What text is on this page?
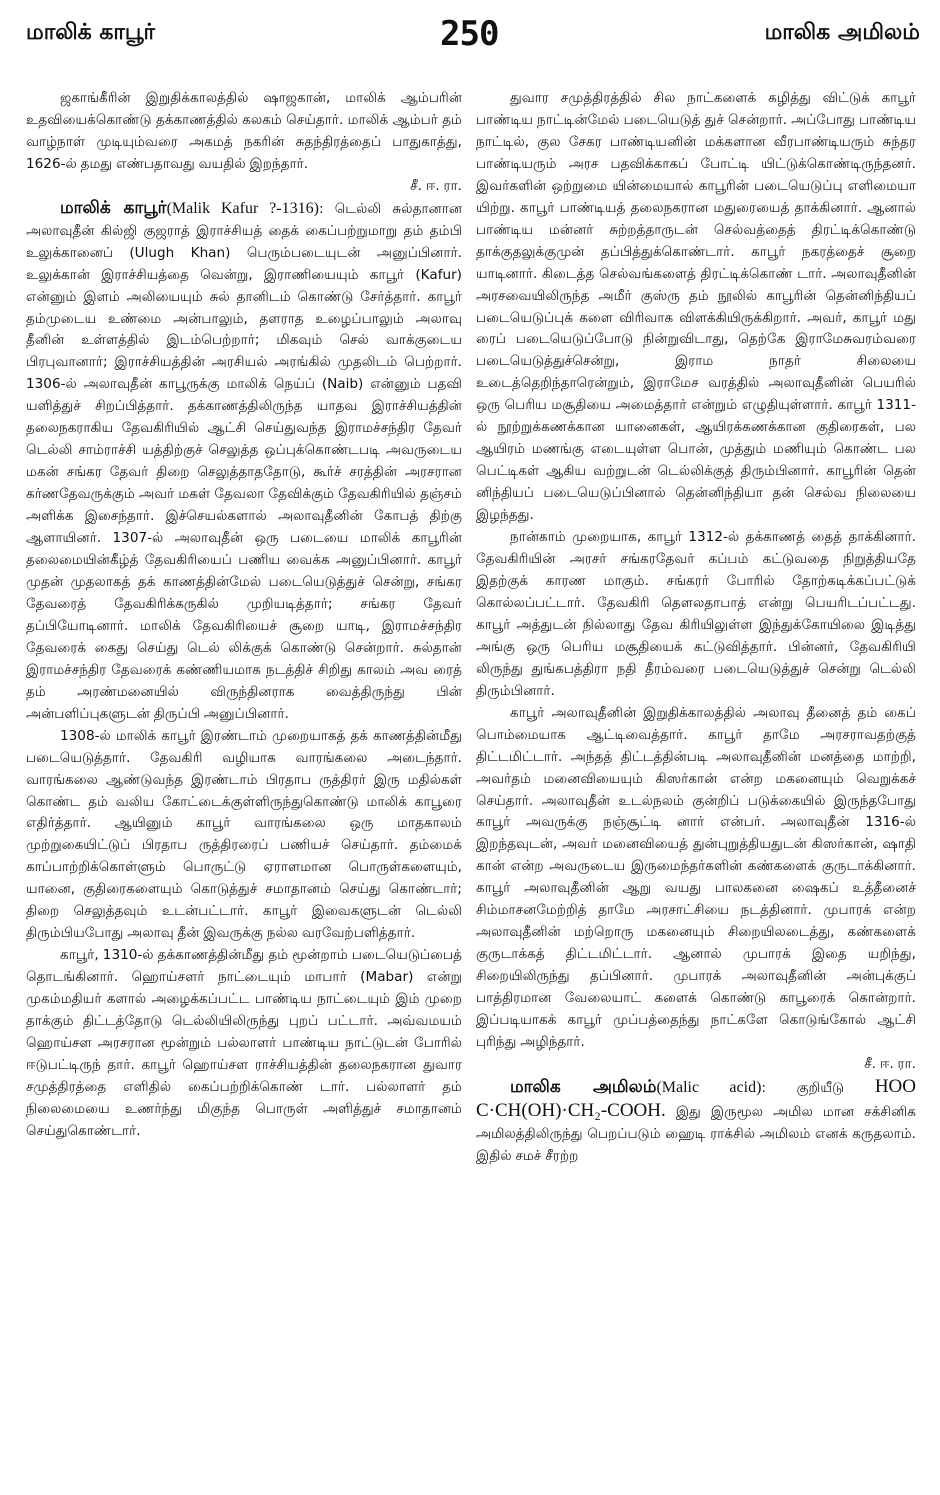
மாலிக் காபூர்	250	மாலிக அமிலம்

ஜகாங்கீரின் இறுதிக்காலத்தில் ஷாஜகான், மாலிக் ஆம்பரின் உதவியைக்கொண்டு தக்காணத்தில் கலகம் செய்தார். மாலிக் ஆம்பர் தம் வாழ்நாள் முடியும்வரை அகமத் நகரின் சுதந்திரத்தைப் பாதுகாத்து, 1626-ல் தமது எண்பதாவது வயதில் இறந்தார்.

சீ. ஈ. ரா.

மாலிக் காபூர்(Malik Kafur ?-1316): டெல்லி சுல்தானான அலாவுதீன் கில்ஜி குஜராத் இராச்சியத் தைக் கைப்பற்றுமாறு தம் தம்பி உலுக்கானைப் (Ulugh Khan) பெரும்படையுடன் அனுப்பினார். உலுக்கான் இராச்சியத்தை வென்று, இராணியையும் காபூர் (Kafur) என்னும் இளம் அலியையும் சுல் தானிடம் கொண்டு சேர்த்தார். காபூர் தம்முடைய உண்மை அன்பாலும், தளராத உழைப்பாலும் அலாவு தீனின் உள்ளத்தில் இடம்பெற்றார்; மிகவும் செல் வாக்குடைய பிரபுவானார்; இராச்சியத்தின் அரசியல் அரங்கில் முதலிடம் பெற்றார். 1306-ல் அலாவுதீன் காபூருக்கு மாலிக் நெய்ப் (Naib) என்னும் பதவி யளித்துச் சிறப்பித்தார். தக்காணத்திலிருந்த யாதவ இராச்சியத்தின் தலைநகராகிய தேவகிரியில் ஆட்சி செய்துவந்த இராமச்சந்திர தேவர் டெல்லி சாம்ராச்சி யத்திற்குச் செலுத்த ஒப்புக்கொண்டபடி அவருடைய மகன் சங்கர தேவர் திறை செலுத்தாததோடு, கூர்ச் சரத்தின் அரசரான கர்ணதேவருக்கும் அவர் மகள் தேவலா தேவிக்கும் தேவகிரியில் தஞ்சம் அளிக்க இசைந்தார். இச்செயல்களால் அலாவுதீனின் கோபத் திற்கு ஆளாயினர். 1307-ல் அலாவுதீன் ஒரு படையை மாலிக் காபூரின் தலைமையின்கீழ்த் தேவகிரியைப் பணிய வைக்க அனுப்பினார். காபூர் முதன் முதலாகத் தக் காணத்தின்மேல் படையெடுத்துச் சென்று, சங்கர தேவரைத் தேவகிரிக்கருகில் முறியடித்தார்; சங்கர தேவர் தப்பியோடினார். மாலிக் தேவகிரியைச் சூறை யாடி, இராமச்சந்திர தேவரைக் கைது செய்து டெல் லிக்குக் கொண்டு சென்றார். சுல்தான் இராமச்சந்திர தேவரைக் கண்ணியமாக நடத்திச் சிறிது காலம் அவ ரைத் தம் அரண்மனையில் விருந்தினராக வைத்திருந்து பின் அன்பளிப்புகளுடன் திருப்பி அனுப்பினார்.

1308-ல் மாலிக் காபூர் இரண்டாம் முறையாகத் தக் காணத்தின்மீது படையெடுத்தார். தேவகிரி வழியாக வாரங்கலை அடைந்தார். வாரங்கலை ஆண்டுவந்த இரண்டாம் பிரதாப ருத்திரர் இரு மதில்கள் கொண்ட தம் வலிய கோட்டைக்குள்ளிருந்துகொண்டு மாலிக் காபூரை எதிர்த்தார். ஆயினும் காபூர் வாரங்கலை ஒரு மாதகாலம் முற்றுகையிட்டுப் பிரதாப ருத்திரரைப் பணியச் செய்தார். தம்மைக் காப்பாற்றிக்கொள்ளும் பொருட்டு ஏராளமான பொருள்களையும், யானை, குதிரைகளையும் கொடுத்துச் சமாதானம் செய்து கொண்டார்; திறை செலுத்தவும் உடன்பட்டார். காபூர் இவைகளுடன் டெல்லி திரும்பியபோது அலாவு தீன் இவருக்கு நல்ல வரவேற்பளித்தார்.

காபூர், 1310-ல் தக்காணத்தின்மீது தம் மூன்றாம் படையெடுப்பைத் தொடங்கினார். ஹொய்சளர் நாட்டையும் மாபார் (Mabar) என்று முகம்மதியர் களால் அழைக்கப்பட்ட பாண்டிய நாட்டையும் இம் முறை தாக்கும் திட்டத்தோடு டெல்லியிலிருந்து புறப் பட்டார். அவ்வமயம் ஹொய்சள அரசரான மூன்றும் பல்லாளர் பாண்டிய நாட்டுடன் போரில் ஈடுபட்டிருந் தார். காபூர் ஹொய்சள ராச்சியத்தின் தலைநகரான துவார சமுத்திரத்தை எளிதில் கைப்பற்றிக்கொண் டார். பல்லாளர் தம் நிலைமையை உணர்ந்து மிகுந்த பொருள் அளித்துச் சமாதானம் செய்துகொண்டார்.

துவார சமுத்திரத்தில் சில நாட்களைக் கழித்து விட்டுக் காபூர் பாண்டிய நாட்டின்மேல் படையெடுத் துச் சென்றார். அப்போது பாண்டிய நாட்டில், குல சேகர பாண்டியனின் மக்களான வீரபாண்டியரும் சுந்தர பாண்டியரும் அரச பதவிக்காகப் போட்டி யிட்டுக்கொண்டிருந்தனர். இவர்களின் ஒற்றுமை யின்மையால் காபூரின் படையெடுப்பு எளிமையா யிற்று. காபூர் பாண்டியத் தலைநகரான மதுரையைத் தாக்கினார். ஆனால் பாண்டிய மன்னர் சுற்றத்தாருடன் செல்வத்தைத் திரட்டிக்கொண்டு தாக்குதலுக்குமுன் தப்பித்துக்கொண்டார். காபூர் நகரத்தைச் சூறை யாடினார். கிடைத்த செல்வங்களைத் திரட்டிக்கொண் டார். அலாவுதீனின் அரசவையிலிருந்த அமீர் குஸ்ரு தம் நூலில் காபூரின் தென்னிந்தியப் படையெடுப்புக் களை விரிவாக விளக்கியிருக்கிறார். அவர், காபூர் மது ரைப் படையெடுப்போடு நின்றுவிடாது, தெற்கே இராமேசுவரம்வரை படையெடுத்துச்சென்று, இராம நாதர் சிலையை உடைத்தெறிந்தாரென்றும், இராமேச வரத்தில் அலாவுதீனின் பெயரில் ஒரு பெரிய மசூதியை அமைத்தார் என்றும் எழுதியுள்ளார். காபூர் 1311-ல் நூற்றுக்கணக்கான யானைகள், ஆயிரக்கணக்கான குதிரைகள், பல ஆயிரம் மணங்கு எடையுள்ள பொன், முத்தும் மணியும் கொண்ட பல பெட்டிகள் ஆகிய வற்றுடன் டெல்லிக்குத் திரும்பினார். காபூரின் தென் னிந்தியப் படையெடுப்பினால் தென்னிந்தியா தன் செல்வ நிலையை இழந்தது.

நான்காம் முறையாக, காபூர் 1312-ல் தக்காணத் தைத் தாக்கினார். தேவகிரியின் அரசர் சங்கரதேவர் கப்பம் கட்டுவதை நிறுத்தியதே இதற்குக் காரண மாகும். சங்கரர் போரில் தோற்கடிக்கப்பட்டுக் கொல்லப்பட்டார். தேவகிரி தௌலதாபாத் என்று பெயரிடப்பட்டது. காபூர் அத்துடன் நில்லாது தேவ கிரியிலுள்ள இந்துக்கோயிலை இடித்து அங்கு ஒரு பெரிய மசூதியைக் கட்டுவித்தார். பின்னர், தேவகிரியி லிருந்து துங்கபத்திரா நதி தீரம்வரை படையெடுத்துச் சென்று டெல்லி திரும்பினார்.

காபூர் அலாவுதீனின் இறுதிக்காலத்தில் அலாவு தீனைத் தம் கைப் பொம்மையாக ஆட்டிவைத்தார். காபூர் தாமே அரசராவதற்குத் திட்டமிட்டார். அந்தத் திட்டத்தின்படி அலாவுதீனின் மனத்தை மாற்றி, அவர்தம் மனைவியையும் கிஸர்கான் என்ற மகனையும் வெறுக்கச் செய்தார். அலாவுதீன் உடல்நலம் குன்றிப் படுக்கையில் இருந்தபோது காபூர் அவருக்கு நஞ்சூட்டி னார் என்பர். அலாவுதீன் 1316-ல் இறந்தவுடன், அவர் மனைவியைத் துன்புறுத்தியதுடன் கிஸர்கான், ஷாதி கான் என்ற அவருடைய இருமைந்தர்களின் கண்களைக் குருடாக்கினார். காபூர் அலாவுதீனின் ஆறு வயது பாலகனை ஷைகப் உத்தீனைச் சிம்மாசனமேற்றித் தாமே அரசாட்சியை நடத்தினார். முபாரக் என்ற அலாவுதீனின் மற்றொரு மகனையும் சிறையிலடைத்து, கண்களைக் குருடாக்கத் திட்டமிட்டார். ஆனால் முபாரக் இதை யறிந்து, சிறையிலிருந்து தப்பினார். முபாரக் அலாவுதீனின் அன்புக்குப் பாத்திரமான வேலையாட் களைக் கொண்டு காபூரைக் கொன்றார். இப்படியாகக் காபூர் முப்பத்தைந்து நாட்களே கொடுங்கோல் ஆட்சி புரிந்து அழிந்தார்.

சீ. ஈ. ரா.

மாலிக அமிலம்(Malic acid): குறியீடு HOO C·CH(OH)·CH₂-COOH. இது இருமூல அமில மான சக்சினிக அமிலத்திலிருந்து பெறப்படும் ஹைடி ராக்சில் அமிலம் எனக் கருதலாம். இதில் சமச் சீரற்ற
